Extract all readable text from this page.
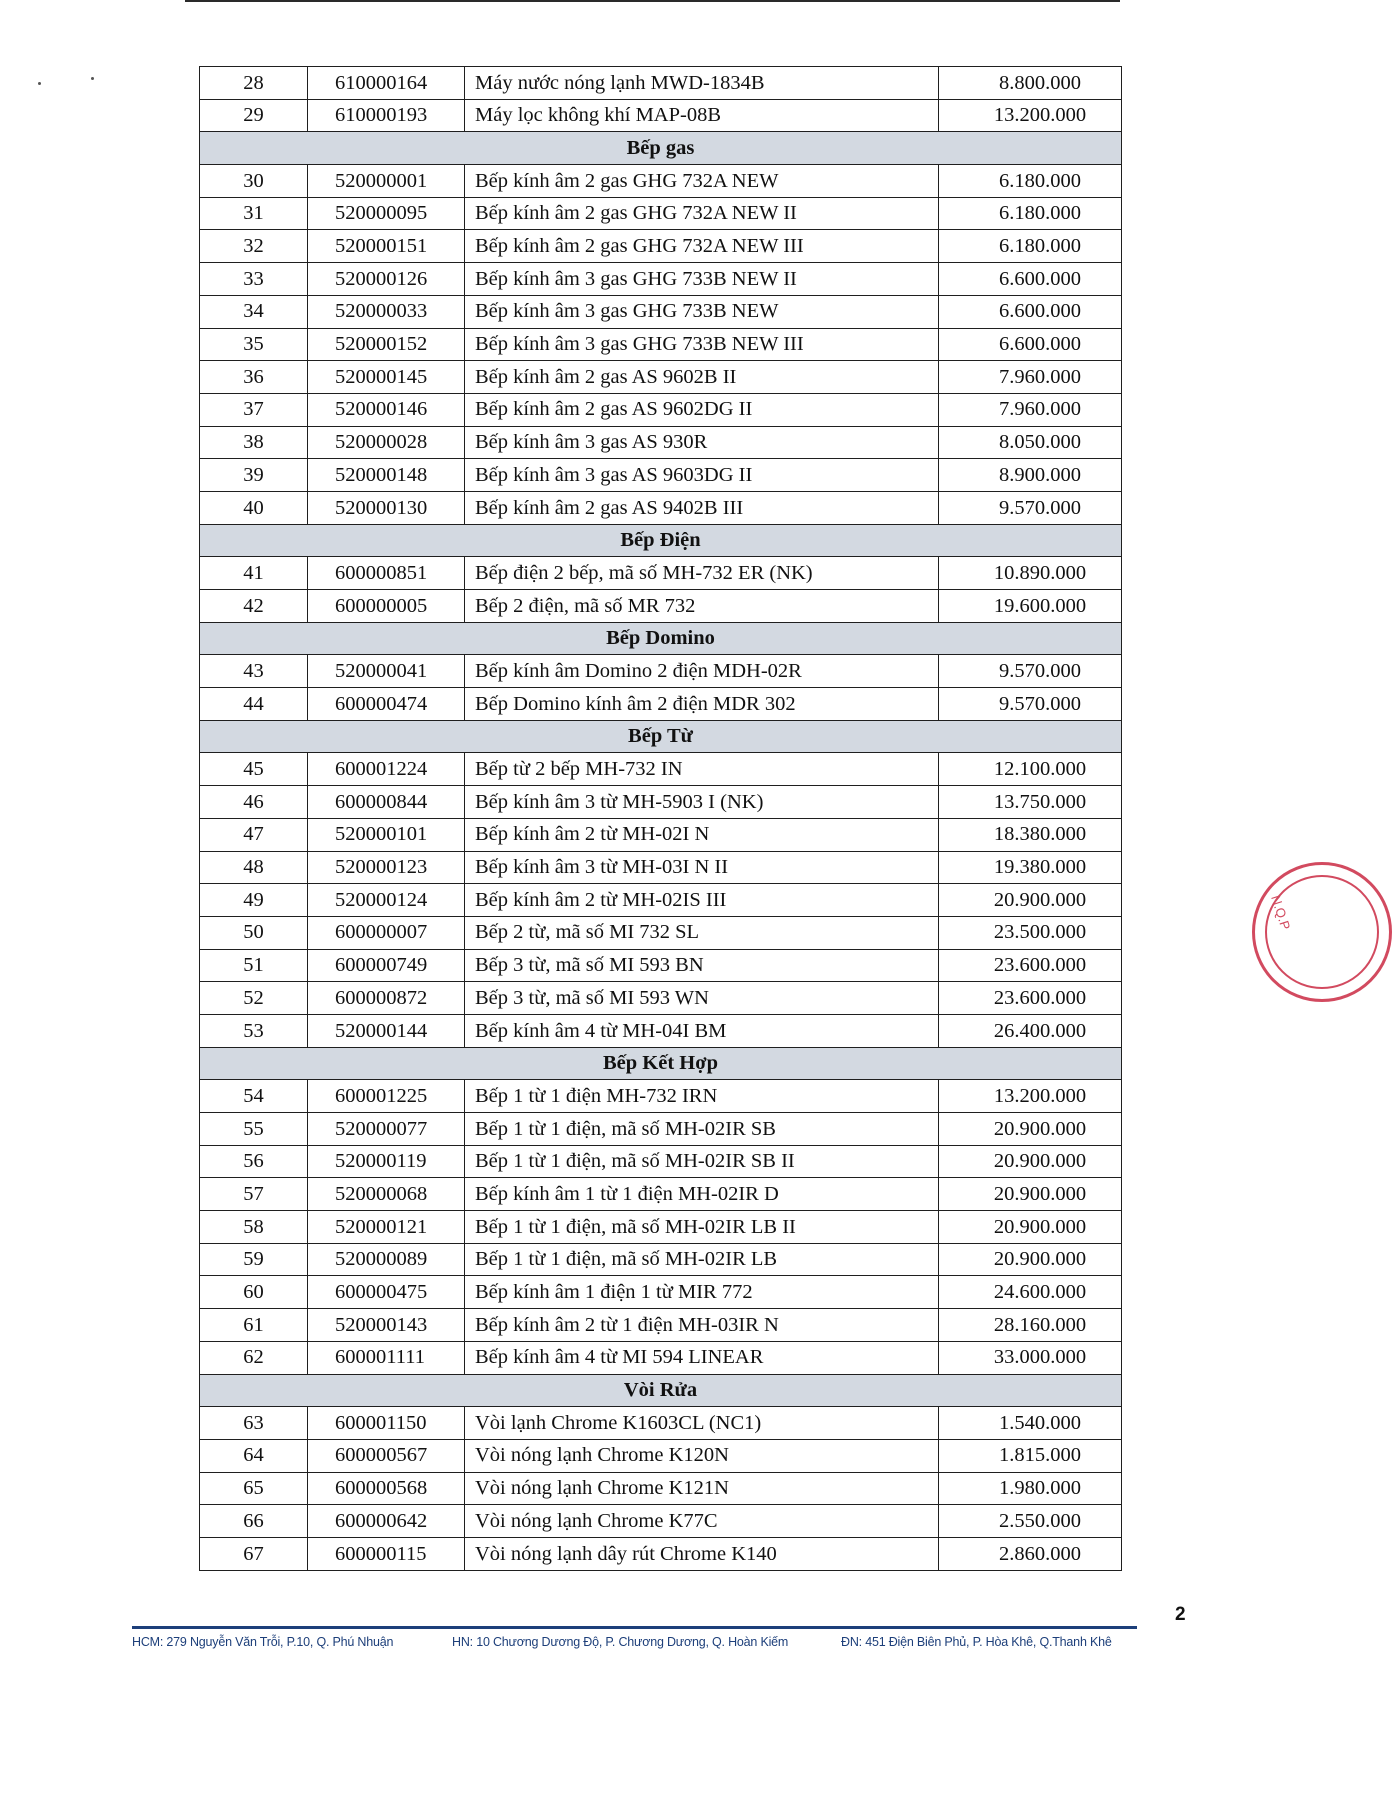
28	610000164	Máy nước nóng lạnh MWD-1834B	8.800.000
29	610000193	Máy lọc không khí MAP-08B	13.200.000
Bếp gas			
30	520000001	Bếp kính âm 2 gas GHG 732A NEW	6.180.000
31	520000095	Bếp kính âm 2 gas GHG 732A NEW II	6.180.000
32	520000151	Bếp kính âm 2 gas GHG 732A NEW III	6.180.000
33	520000126	Bếp kính âm 3 gas GHG 733B NEW II	6.600.000
34	520000033	Bếp kính âm 3 gas GHG 733B NEW	6.600.000
35	520000152	Bếp kính âm 3 gas GHG 733B NEW III	6.600.000
36	520000145	Bếp kính âm 2 gas AS 9602B II	7.960.000
37	520000146	Bếp kính âm 2 gas AS 9602DG II	7.960.000
38	520000028	Bếp kính âm 3 gas AS 930R	8.050.000
39	520000148	Bếp kính âm 3 gas AS 9603DG II	8.900.000
40	520000130	Bếp kính âm 2 gas AS 9402B III	9.570.000
Bếp Điện			
41	600000851	Bếp điện 2 bếp, mã số MH-732 ER (NK)	10.890.000
42	600000005	Bếp 2 điện, mã số MR 732	19.600.000
Bếp Domino			
43	520000041	Bếp kính âm Domino 2 điện MDH-02R	9.570.000
44	600000474	Bếp Domino kính âm 2 điện MDR 302	9.570.000
Bếp Từ			
45	600001224	Bếp từ 2 bếp MH-732 IN	12.100.000
46	600000844	Bếp kính âm 3 từ MH-5903 I (NK)	13.750.000
47	520000101	Bếp kính âm 2 từ MH-02I N	18.380.000
48	520000123	Bếp kính âm 3 từ MH-03I N II	19.380.000
49	520000124	Bếp kính âm 2 từ MH-02IS III	20.900.000
50	600000007	Bếp 2 từ, mã số MI 732 SL	23.500.000
51	600000749	Bếp 3 từ, mã số MI 593 BN	23.600.000
52	600000872	Bếp 3 từ, mã số MI 593 WN	23.600.000
53	520000144	Bếp kính âm 4 từ MH-04I BM	26.400.000
Bếp Kết Hợp			
54	600001225	Bếp 1 từ 1 điện MH-732 IRN	13.200.000
55	520000077	Bếp 1 từ 1 điện, mã số MH-02IR SB	20.900.000
56	520000119	Bếp 1 từ 1 điện, mã số MH-02IR SB II	20.900.000
57	520000068	Bếp kính âm 1 từ 1 điện MH-02IR D	20.900.000
58	520000121	Bếp 1 từ 1 điện, mã số MH-02IR LB II	20.900.000
59	520000089	Bếp 1 từ 1 điện, mã số MH-02IR LB	20.900.000
60	600000475	Bếp kính âm 1 điện 1 từ MIR 772	24.600.000
61	520000143	Bếp kính âm 2 từ 1 điện MH-03IR N	28.160.000
62	600001111	Bếp kính âm 4 từ MI 594 LINEAR	33.000.000
Vòi Rửa			
63	600001150	Vòi lạnh Chrome K1603CL (NC1)	1.540.000
64	600000567	Vòi nóng lạnh Chrome K120N	1.815.000
65	600000568	Vòi nóng lạnh Chrome K121N	1.980.000
66	600000642	Vòi nóng lạnh Chrome K77C	2.550.000
67	600000115	Vòi nóng lạnh dây rút Chrome K140	2.860.000
2
HCM: 279 Nguyễn Văn Trỗi, P.10, Q. Phú Nhuận	HN: 10 Chương Dương Độ, P. Chương Dương, Q. Hoàn Kiếm	ĐN: 451 Điện Biên Phủ, P. Hòa Khê, Q.Thanh Khê
N.Q.P
